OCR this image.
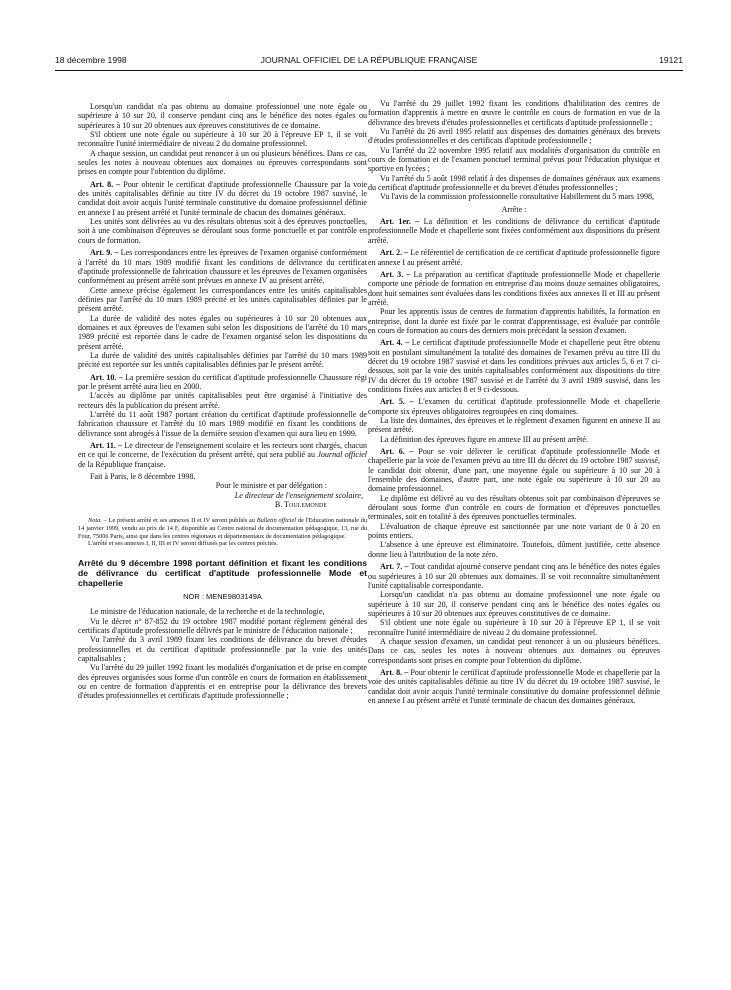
18 décembre 1998	JOURNAL OFFICIEL DE LA RÉPUBLIQUE FRANÇAISE	19121

Lorsqu'un candidat n'a pas obtenu au domaine professionnel une note égale ou supérieure à 10 sur 20, il conserve pendant cinq ans le bénéfice des notes égales ou supérieures à 10 sur 20 obtenues aux épreuves constitutives de ce domaine.

S'il obtient une note égale ou supérieure à 10 sur 20 à l'épreuve EP 1, il se voit reconnaître l'unité intermédiaire de niveau 2 du domaine professionnel.

A chaque session, un candidat peut renoncer à un ou plusieurs bénéfices. Dans ce cas, seules les notes à nouveau obtenues aux domaines ou épreuves correspondants sont prises en compte pour l'obtention du diplôme.

Art. 8. – Pour obtenir le certificat d'aptitude professionnelle Chaussure par la voie des unités capitalisables définie au titre IV du décret du 19 octobre 1987 susvisé, le candidat doit avoir acquis l'unité terminale constitutive du domaine professionnel définie en annexe I au présent arrêté et l'unité terminale de chacun des domaines généraux.

Les unités sont délivrées au vu des résultats obtenus soit à des épreuves ponctuelles, soit à une combinaison d'épreuves se déroulant sous forme ponctuelle et par contrôle en cours de formation.

Art. 9. – Les correspondances entre les épreuves de l'examen organisé conformément à l'arrêté du 10 mars 1989 modifié fixant les conditions de délivrance du certificat d'aptitude professionnelle de fabrication chaussure et les épreuves de l'examen organisées conformément au présent arrêté sont prévues en annexe IV au présent arrêté.

Cette annexe précise également les correspondances entre les unités capitalisables définies par l'arrêté du 10 mars 1989 précité et les unités capitalisables définies par le présent arrêté.

La durée de validité des notes égales ou supérieures à 10 sur 20 obtenues aux domaines et aux épreuves de l'examen subi selon les dispositions de l'arrêté du 10 mars 1989 précité est reportée dans le cadre de l'examen organisé selon les dispositions du présent arrêté.

La durée de validité des unités capitalisables définies par l'arrêté du 10 mars 1989 précité est reportée sur les unités capitalisables définies par le présent arrêté.

Art. 10. – La première session du certificat d'aptitude professionnelle Chaussure régi par le présent arrêté aura lieu en 2000.

L'accès au diplôme par unités capitalisables peut être organisé à l'initiative des recteurs dès la publication du présent arrêté.

L'arrêté du 11 août 1987 portant création du certificat d'aptitude professionnelle de fabrication chaussure et l'arrêté du 10 mars 1989 modifié en fixant les conditions de délivrance sont abrogés à l'issue de la dernière session d'examen qui aura lieu en 1999.

Art. 11. – Le directeur de l'enseignement scolaire et les recteurs sont chargés, chacun en ce qui le concerne, de l'exécution du présent arrêté, qui sera publié au Journal officiel de la République française.

Fait à Paris, le 8 décembre 1998.

Pour le ministre et par délégation :

Le directeur de l'enseignement scolaire,

B. Toulemonde

Nota. – Le présent arrêté et ses annexes II et IV seront publiés au Bulletin officiel de l'Education nationale du 14 janvier 1999, vendu au prix de 14 F, disponible au Centre national de documentation pédagogique, 13, rue du Four, 75006 Paris, ainsi que dans les centres régionaux et départementaux de documentation pédagogique.

L'arrêté et ses annexes I, II, III et IV seront diffusés par les centres précités.

Arrêté du 9 décembre 1998 portant définition et fixant les conditions de délivrance du certificat d'aptitude professionnelle Mode et chapellerie
NOR : MENE9803149A

Le ministre de l'éducation nationale, de la recherche et de la technologie,

Vu le décret n° 87-852 du 19 octobre 1987 modifié portant règlement général des certificats d'aptitude professionnelle délivrés par le ministre de l'éducation nationale ;

Vu l'arrêté du 3 avril 1989 fixant les conditions de délivrance du brevet d'études professionnelles et du certificat d'aptitude professionnelle par la voie des unités capitalisables ;

Vu l'arrêté du 29 juillet 1992 fixant les modalités d'organisation et de prise en compte des épreuves organisées sous forme d'un contrôle en cours de formation en établissement ou en centre de formation d'apprentis et en entreprise pour la délivrance des brevets d'études professionnelles et certificats d'aptitude professionnelle ;

Vu l'arrêté du 29 juillet 1992 fixant les conditions d'habilitation des centres de formation d'apprentis à mettre en œuvre le contrôle en cours de formation en vue de la délivrance des brevets d'études professionnelles et certificats d'aptitude professionnelle ;

Vu l'arrêté du 26 avril 1995 relatif aux dispenses des domaines généraux des brevets d'études professionnelles et des certificats d'aptitude professionnelle ;

Vu l'arrêté du 22 novembre 1995 relatif aux modalités d'organisation du contrôle en cours de formation et de l'examen ponctuel terminal prévus pour l'éducation physique et sportive en lycées ;

Vu l'arrêté du 5 août 1998 relatif à des dispenses de domaines généraux aux examens du certificat d'aptitude professionnelle et du brevet d'études professionnelles ;

Vu l'avis de la commission professionnelle consultative Habillement du 5 mars 1998,

Arrête :

Art. 1er. – La définition et les conditions de délivrance du certificat d'aptitude professionnelle Mode et chapellerie sont fixées conformément aux dispositions du présent arrêté.

Art. 2. – Le référentiel de certification de ce certificat d'aptitude professionnelle figure en annexe I au présent arrêté.

Art. 3. – La préparation au certificat d'aptitude professionnelle Mode et chapellerie comporte une période de formation en entreprise d'au moins douze semaines obligatoires, dont huit semaines sont évaluées dans les conditions fixées aux annexes II et III au présent arrêté.

Pour les apprentis issus de centres de formation d'apprentis habilités, la formation en entreprise, dont la durée est fixée par le contrat d'apprentissage, est évaluée par contrôle en cours de formation au cours des derniers mois précédant la session d'examen.

Art. 4. – Le certificat d'aptitude professionnelle Mode et chapellerie peut être obtenu soit en postulant simultanément la totalité des domaines de l'examen prévu au titre III du décret du 19 octobre 1987 susvisé et dans les conditions prévues aux articles 5, 6 et 7 ci-dessous, soit par la voie des unités capitalisables conformément aux dispositions du titre IV du décret du 19 octobre 1987 susvisé et de l'arrêté du 3 avril 1989 susvisé, dans les conditions fixées aux articles 8 et 9 ci-dessous.

Art. 5. – L'examen du certificat d'aptitude professionnelle Mode et chapellerie comporte six épreuves obligatoires regroupées en cinq domaines.

La liste des domaines, des épreuves et le règlement d'examen figurent en annexe II au présent arrêté.

La définition des épreuves figure en annexe III au présent arrêté.

Art. 6. – Pour se voir délivrer le certificat d'aptitude professionnelle Mode et chapellerie par la voie de l'examen prévu au titre III du décret du 19 octobre 1987 susvisé, le candidat doit obtenir, d'une part, une moyenne égale ou supérieure à 10 sur 20 à l'ensemble des domaines, d'autre part, une note égale ou supérieure à 10 sur 20 au domaine professionnel.

Le diplôme est délivré au vu des résultats obtenus soit par combinaison d'épreuves se déroulant sous forme d'un contrôle en cours de formation et d'épreuves ponctuelles terminales, soit en totalité à des épreuves ponctuelles terminales.

L'évaluation de chaque épreuve est sanctionnée par une note variant de 0 à 20 en points entiers.

L'absence à une épreuve est éliminatoire. Toutefois, dûment justifiée, cette absence donne lieu à l'attribution de la note zéro.

Art. 7. – Tout candidat ajourné conserve pendant cinq ans le bénéfice des notes égales ou supérieures à 10 sur 20 obtenues aux domaines. Il se voit reconnaître simultanément l'unité capitalisable correspondante.

Lorsqu'un candidat n'a pas obtenu au domaine professionnel une note égale ou supérieure à 10 sur 20, il conserve pendant cinq ans le bénéfice des notes égales ou supérieures à 10 sur 20 obtenues aux épreuves constitutives de ce domaine.

S'il obtient une note égale ou supérieure à 10 sur 20 à l'épreuve EP 1, il se voit reconnaître l'unité intermédiaire de niveau 2 du domaine professionnel.

A chaque session d'examen, un candidat peut renoncer à un ou plusieurs bénéfices. Dans ce cas, seules les notes à nouveau obtenues aux domaines ou épreuves correspondants sont prises en compte pour l'obtention du diplôme.

Art. 8. – Pour obtenir le certificat d'aptitude professionnelle Mode et chapellerie par la voie des unités capitalisables définie au titre IV du décret du 19 octobre 1987 susvisé, le candidat doit avoir acquis l'unité terminale constitutive du domaine professionnel définie en annexe I au présent arrêté et l'unité terminale de chacun des domaines généraux.
